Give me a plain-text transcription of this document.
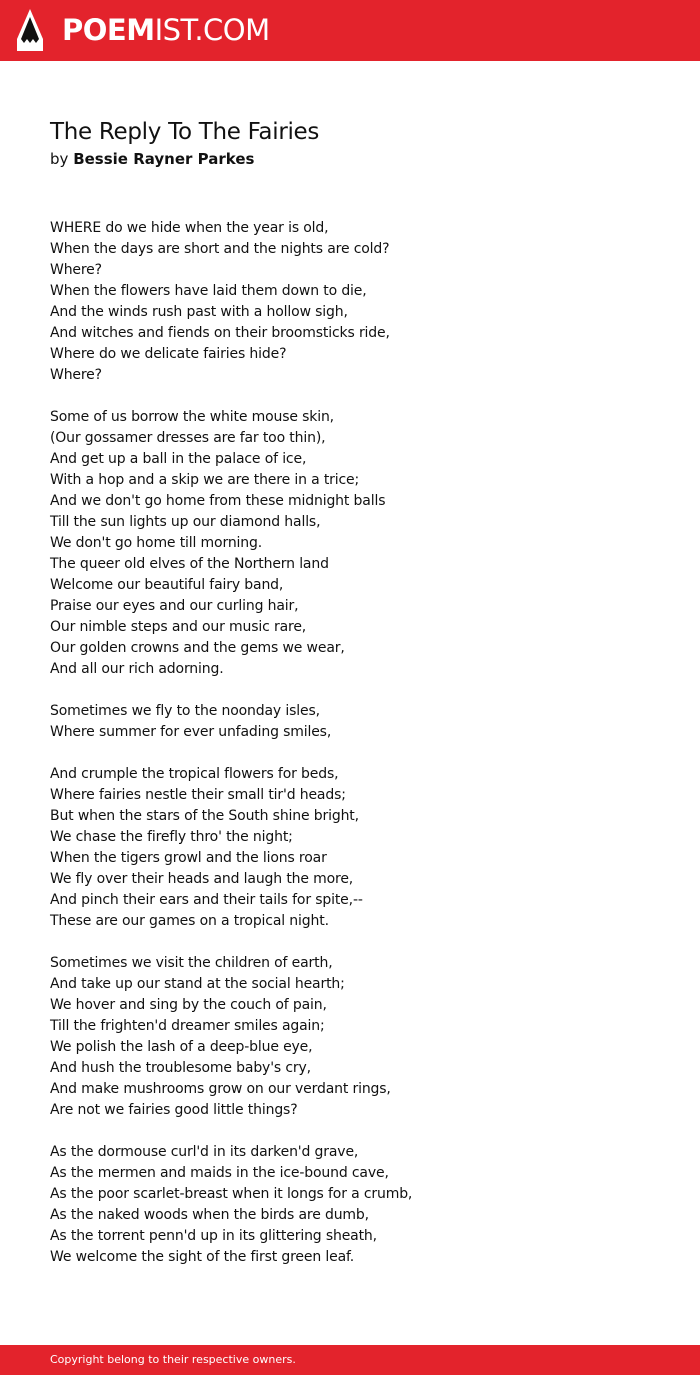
POEMIST.COM
The Reply To The Fairies
by Bessie Rayner Parkes
WHERE do we hide when the year is old,
When the days are short and the nights are cold?
Where?
When the flowers have laid them down to die,
And the winds rush past with a hollow sigh,
And witches and fiends on their broomsticks ride,
Where do we delicate fairies hide?
Where?
Some of us borrow the white mouse skin,
(Our gossamer dresses are far too thin),
And get up a ball in the palace of ice,
With a hop and a skip we are there in a trice;
And we don't go home from these midnight balls
Till the sun lights up our diamond halls,
We don't go home till morning.
The queer old elves of the Northern land
Welcome our beautiful fairy band,
Praise our eyes and our curling hair,
Our nimble steps and our music rare,
Our golden crowns and the gems we wear,
And all our rich adorning.
Sometimes we fly to the noonday isles,
Where summer for ever unfading smiles,
And crumple the tropical flowers for beds,
Where fairies nestle their small tir'd heads;
But when the stars of the South shine bright,
We chase the firefly thro' the night;
When the tigers growl and the lions roar
We fly over their heads and laugh the more,
And pinch their ears and their tails for spite,--
These are our games on a tropical night.
Sometimes we visit the children of earth,
And take up our stand at the social hearth;
We hover and sing by the couch of pain,
Till the frighten'd dreamer smiles again;
We polish the lash of a deep-blue eye,
And hush the troublesome baby's cry,
And make mushrooms grow on our verdant rings,
Are not we fairies good little things?
As the dormouse curl'd in its darken'd grave,
As the mermen and maids in the ice-bound cave,
As the poor scarlet-breast when it longs for a crumb,
As the naked woods when the birds are dumb,
As the torrent penn'd up in its glittering sheath,
We welcome the sight of the first green leaf.
Copyright belong to their respective owners.
